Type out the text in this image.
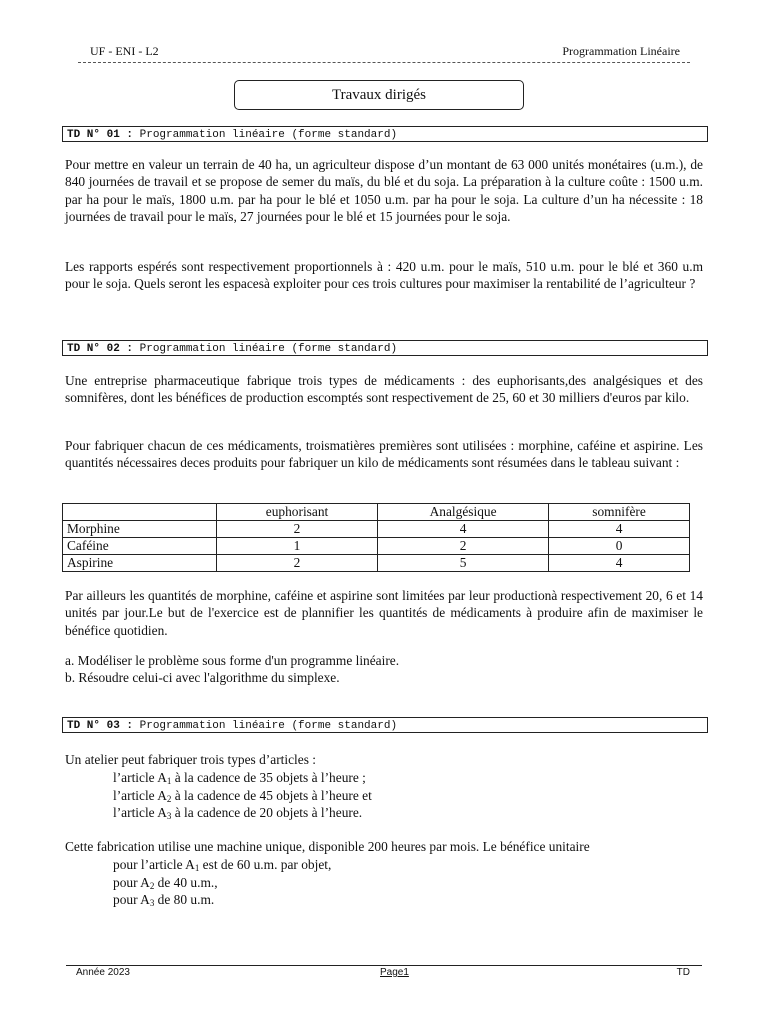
UF - ENI - L2	Programmation Linéaire
Travaux dirigés
TD N° 01 : Programmation linéaire (forme standard)
Pour mettre en valeur un terrain de 40 ha, un agriculteur dispose d’un montant de 63 000 unités monétaires (u.m.), de 840 journées de travail et se propose de semer du maïs, du blé et du soja. La préparation à la culture coûte : 1500 u.m. par ha pour le maïs, 1800 u.m. par ha pour le blé et 1050 u.m. par ha pour le soja. La culture d’un ha nécessite : 18 journées de travail pour le maïs, 27 journées pour le blé et 15 journées pour le soja.
Les rapports espérés sont respectivement proportionnels à : 420 u.m. pour le maïs, 510 u.m. pour le blé et 360 u.m pour le soja. Quels seront les espacesà exploiter pour ces trois cultures pour maximiser la rentabilité de l’agriculteur ?
TD N° 02 : Programmation linéaire (forme standard)
Une entreprise pharmaceutique fabrique trois types de médicaments : des euphorisants,des analgésiques et des somnifères, dont les bénéfices de production escomptés sont respectivement de 25, 60 et 30 milliers d'euros par kilo.
Pour fabriquer chacun de ces médicaments, troismatières premières sont utilisées : morphine, caféine et aspirine. Les quantités nécessaires deces produits pour fabriquer un kilo de médicaments sont résumées dans le tableau suivant :
	euphorisant	Analgésique	somnifère
Morphine	2	4	4
Caféine	1	2	0
Aspirine	2	5	4
Par ailleurs les quantités de morphine, caféine et aspirine sont limitées par leur productionà respectivement 20, 6 et 14 unités par jour.Le but de l'exercice est de plannifier les quantités de médicaments à produire afin de maximiser le bénéfice quotidien.
a. Modéliser le problème sous forme d'un programme linéaire.
b. Résoudre celui-ci avec l'algorithme du simplexe.
TD N° 03 : Programmation linéaire (forme standard)
Un atelier peut fabriquer trois types d’articles :
l’article $A_1$ à la cadence de 35 objets à l’heure ;
l’article $A_2$ à la cadence de 45 objets à l’heure et
l’article $A_3$ à la cadence de 20 objets à l’heure.
Cette fabrication utilise une machine unique, disponible 200 heures par mois. Le bénéfice unitaire
pour l’article $A_1$ est de 60 u.m. par objet,
pour $A_2$ de 40 u.m.,
pour $A_3$ de 80 u.m.
Année 2023	Page1	TD
